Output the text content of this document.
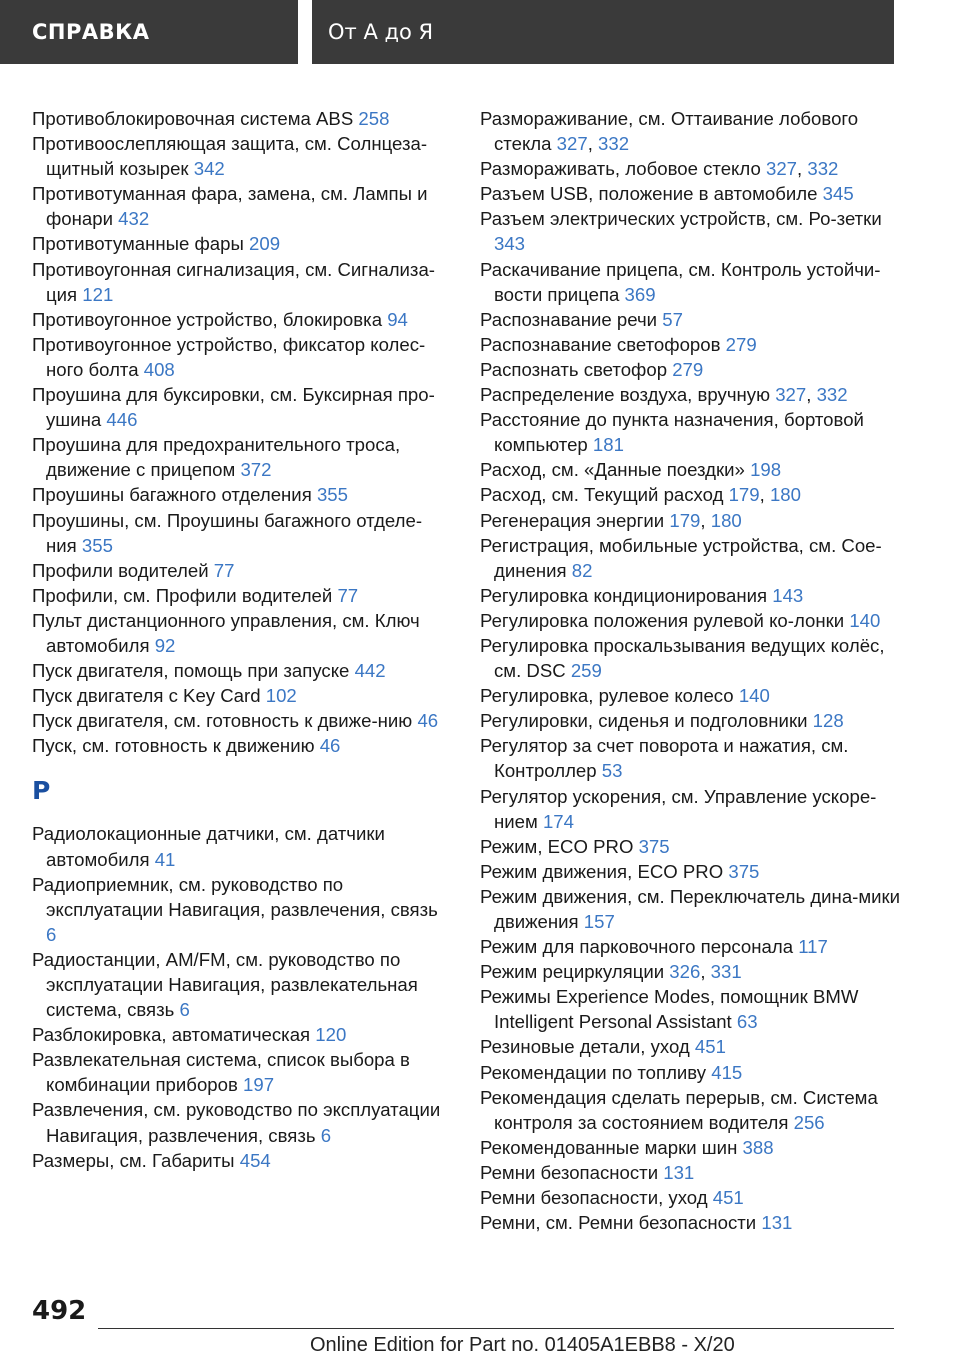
СПРАВКА	От А до Я
Противоблокировочная система ABS 258
Противоослепляющая защита, см. Солнцеза-щитный козырек 342
Противотуманная фара, замена, см. Лампы и фонари 432
Противотуманные фары 209
Противоугонная сигнализация, см. Сигнализа-ция 121
Противоугонное устройство, блокировка 94
Противоугонное устройство, фиксатор колес-ного болта 408
Проушина для буксировки, см. Буксирная про-ушина 446
Проушина для предохранительного троса, движение с прицепом 372
Проушины багажного отделения 355
Проушины, см. Проушины багажного отделе-ния 355
Профили водителей 77
Профили, см. Профили водителей 77
Пульт дистанционного управления, см. Ключ автомобиля 92
Пуск двигателя, помощь при запуске 442
Пуск двигателя с Key Card 102
Пуск двигателя, см. готовность к движе-нию 46
Пуск, см. готовность к движению 46
Р
Радиолокационные датчики, см. датчики автомобиля 41
Радиоприемник, см. руководство по эксплуатации Навигация, развлечения, связь 6
Радиостанции, AM/FM, см. руководство по эксплуатации Навигация, развлекательная система, связь 6
Разблокировка, автоматическая 120
Развлекательная система, список выбора в комбинации приборов 197
Развлечения, см. руководство по эксплуатации Навигация, развлечения, связь 6
Размеры, см. Габариты 454
Размораживание, см. Оттаивание лобового стекла 327, 332
Размораживать, лобовое стекло 327, 332
Разъем USB, положение в автомобиле 345
Разъем электрических устройств, см. Ро-зетки 343
Раскачивание прицепа, см. Контроль устойчи-вости прицепа 369
Распознавание речи 57
Распознавание светофоров 279
Распознать светофор 279
Распределение воздуха, вручную 327, 332
Расстояние до пункта назначения, бортовой компьютер 181
Расход, см. «Данные поездки» 198
Расход, см. Текущий расход 179, 180
Регенерация энергии 179, 180
Регистрация, мобильные устройства, см. Сое-динения 82
Регулировка кондиционирования 143
Регулировка положения рулевой ко-лонки 140
Регулировка проскальзывания ведущих колёс, см. DSC 259
Регулировка, рулевое колесо 140
Регулировки, сиденья и подголовники 128
Регулятор за счет поворота и нажатия, см. Контроллер 53
Регулятор ускорения, см. Управление ускоре-нием 174
Режим, ECO PRO 375
Режим движения, ECO PRO 375
Режим движения, см. Переключатель дина-мики движения 157
Режим для парковочного персонала 117
Режим рециркуляции 326, 331
Режимы Experience Modes, помощник BMW Intelligent Personal Assistant 63
Резиновые детали, уход 451
Рекомендации по топливу 415
Рекомендация сделать перерыв, см. Система контроля за состоянием водителя 256
Рекомендованные марки шин 388
Ремни безопасности 131
Ремни безопасности, уход 451
Ремни, см. Ремни безопасности 131
492
Online Edition for Part no. 01405A1EBB8 - X/20
